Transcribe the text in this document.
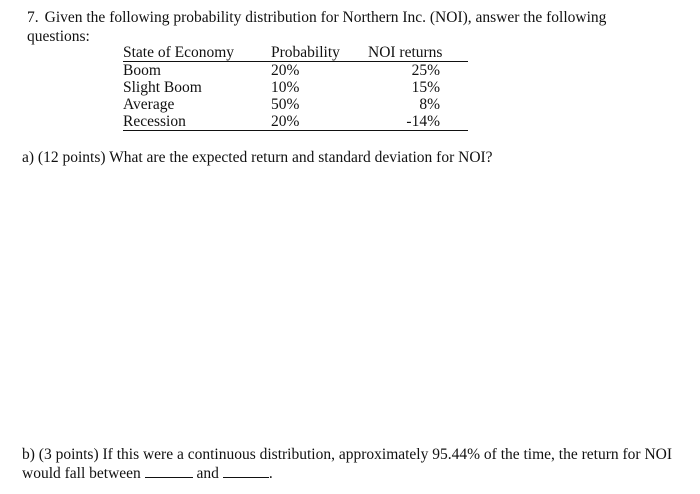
7. Given the following probability distribution for Northern Inc. (NOI), answer the following questions:
State of Economy	Probability	NOI returns
Boom	20%	25%
Slight Boom	10%	15%
Average	50%	8%
Recession	20%	-14%
a) (12 points) What are the expected return and standard deviation for NOI?
b) (3 points) If this were a continuous distribution, approximately 95.44% of the time, the return for NOI would fall between	and	.
